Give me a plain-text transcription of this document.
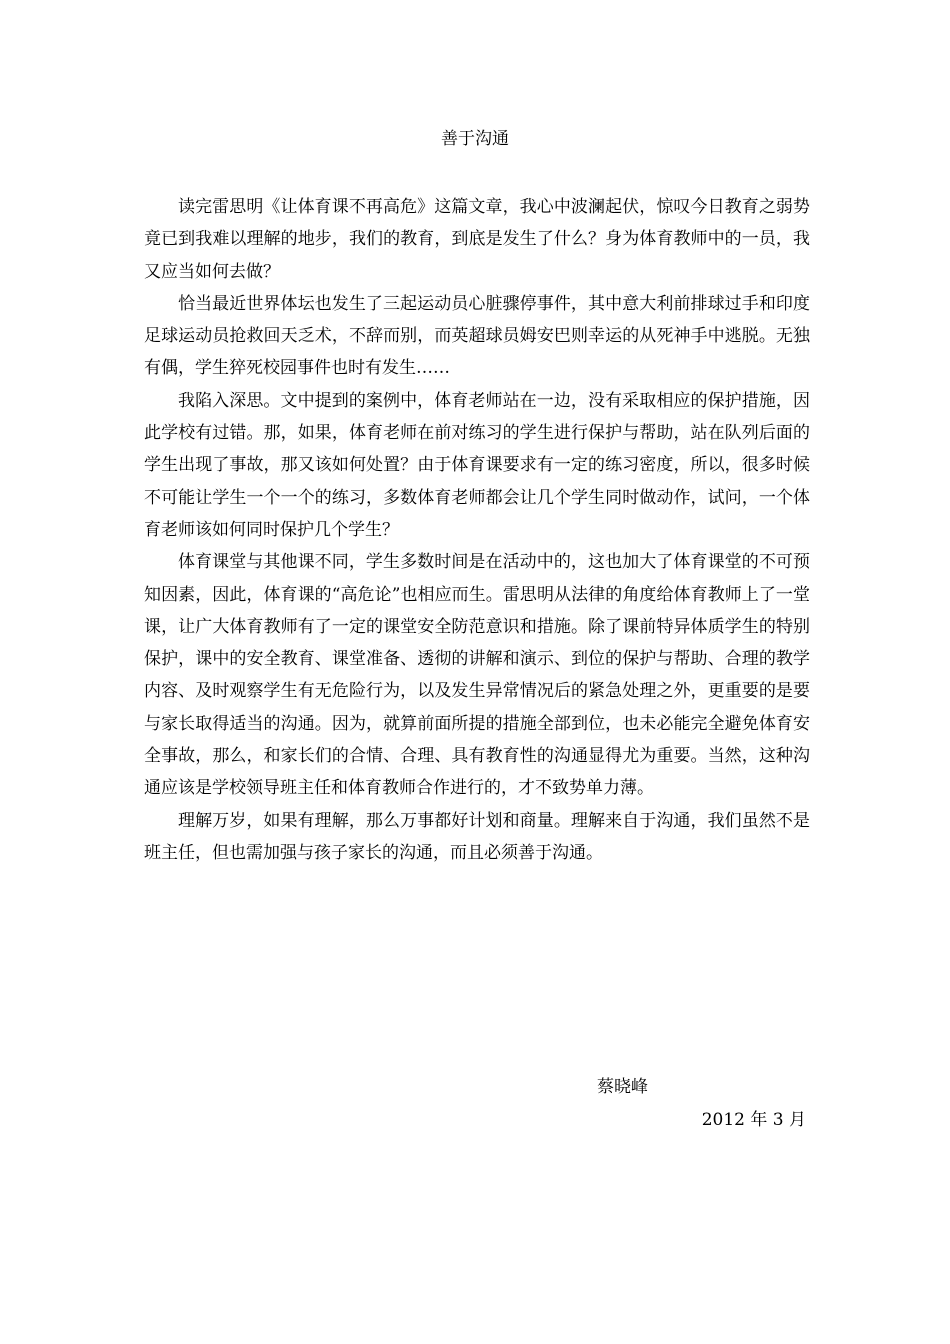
善于沟通

读完雷思明《让体育课不再高危》这篇文章，我心中波澜起伏，惊叹今日教育之弱势竟已到我难以理解的地步，我们的教育，到底是发生了什么？身为体育教师中的一员，我又应当如何去做？

恰当最近世界体坛也发生了三起运动员心脏骤停事件，其中意大利前排球过手和印度足球运动员抢救回天乏术，不辞而别，而英超球员姆安巴则幸运的从死神手中逃脱。无独有偶，学生猝死校园事件也时有发生……

我陷入深思。文中提到的案例中，体育老师站在一边，没有采取相应的保护措施，因此学校有过错。那，如果，体育老师在前对练习的学生进行保护与帮助，站在队列后面的学生出现了事故，那又该如何处置？由于体育课要求有一定的练习密度，所以，很多时候不可能让学生一个一个的练习，多数体育老师都会让几个学生同时做动作，试问，一个体育老师该如何同时保护几个学生？

体育课堂与其他课不同，学生多数时间是在活动中的，这也加大了体育课堂的不可预知因素，因此，体育课的“高危论”也相应而生。雷思明从法律的角度给体育教师上了一堂课，让广大体育教师有了一定的课堂安全防范意识和措施。除了课前特异体质学生的特别保护，课中的安全教育、课堂准备、透彻的讲解和演示、到位的保护与帮助、合理的教学内容、及时观察学生有无危险行为，以及发生异常情况后的紧急处理之外，更重要的是要与家长取得适当的沟通。因为，就算前面所提的措施全部到位，也未必能完全避免体育安全事故，那么，和家长们的合情、合理、具有教育性的沟通显得尤为重要。当然，这种沟通应该是学校领导班主任和体育教师合作进行的，才不致势单力薄。

理解万岁，如果有理解，那么万事都好计划和商量。理解来自于沟通，我们虽然不是班主任，但也需加强与孩子家长的沟通，而且必须善于沟通。

蔡晓峰
2012 年 3 月
